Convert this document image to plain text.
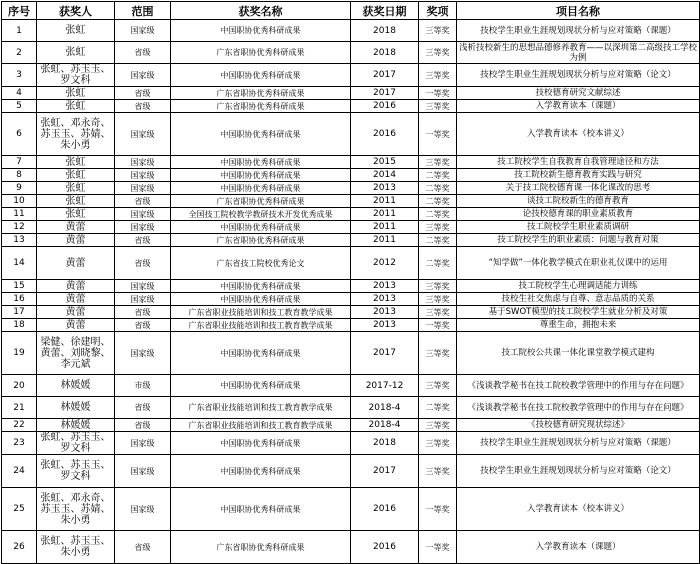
序号	获奖人	范围	获奖名称	获奖日期	奖项	项目名称
1	张虹	国家级	中国职协优秀科研成果	2018	三等奖	技校学生职业生涯规划现状分析与应对策略（课题）
2	张虹	省级	广东省职协优秀科研成果	2018	三等奖	浅析技校新生的思想品德修养教育——以深圳第二高级技工学校为例
3	张虹、苏玉玉、罗文科	国家级	中国职协优秀科研成果	2017	三等奖	技校学生职业生涯规划现状分析与应对策略（论文）
4	张虹	省级	广东省职协优秀科研成果	2017	一等奖	技校德育研究文献综述
5	张虹	省级	广东省职协优秀科研成果	2016	三等奖	入学教育读本（课题）
6	张虹、邓永奇、苏玉玉、苏婧、朱小勇	国家级	中国职协优秀科研成果	2016	一等奖	入学教育读本（校本讲义）
7	张虹	国家级	中国职协优秀科研成果	2015	三等奖	技工院校学生自我教育自我管理途径和方法
8	张虹	国家级	中国职协优秀科研成果	2014	二等奖	技工院校新生德育教育实践与研究
9	张虹	国家级	中国职协优秀科研成果	2013	二等奖	关于技工院校德育课一体化课改的思考
10	张虹	省级	广东省职协优秀科研成果	2011	二等奖	谈技工院校新生的德育教育
11	张虹	国家级	全国技工院校教学教研技术开发优秀成果	2011	二等奖	论技校德育课的职业素质教育
12	黄蕾	国家级	中国职协优秀科研成果	2011	三等奖	技工院校学生职业素质调研
13	黄蕾	省级	广东省职协优秀科研成果	2011	二等奖	技工院校学生的职业素质：问题与教育对策
14	黄蕾	省级	广东省技工院校优秀论文	2012	二等奖	“知学做”一体化教学模式在职业礼仪课中的运用
15	黄蕾	国家级	中国职协优秀科研成果	2013	三等奖	技工院校学生心理调适能力训练
16	黄蕾	国家级	中国职协优秀科研成果	2013	三等奖	技校生社交焦虑与自尊、意志品质的关系
17	黄蕾	省级	广东省职业技能培训和技工教育教学成果	2013	三等奖	基于SWOT模型的技工院校学生就业分析及对策
18	黄蕾	省级	广东省职业技能培训和技工教育教学成果	2013	一等奖	尊重生命，拥抱未来
19	梁健、徐建明、黄蕾、刘晓黎、李元斌	国家级	中国职协优秀科研成果	2017	三等奖	技工院校公共课一体化课堂教学模式建构
20	林媛媛	市级	中国职协优秀科研成果	2017-12	三等奖	《浅谈教学秘书在技工院校教学管理中的作用与存在问题》
21	林媛媛	省级	广东省职业技能培训和技工教育教学成果	2018-4	二等奖	《浅谈教学秘书在技工院校教学管理中的作用与存在问题》
22	林媛媛	省级	广东省职业技能培训和技工教育教学成果	2018-4	三等奖	《技校德育研究现状综述》
23	张虹、苏玉玉、罗文科	国家级	中国职协优秀科研成果	2018	三等奖	技校学生职业生涯规划现状分析与应对策略（课题）
24	张虹、苏玉玉、罗文科	国家级	中国职协优秀科研成果	2017	三等奖	技校学生职业生涯规划现状分析与应对策略（论文）
25	张虹、邓永奇、苏玉玉、苏婧、朱小勇	国家级	中国职协优秀科研成果	2016	一等奖	入学教育读本（校本讲义）
26	张虹、苏玉玉、朱小勇	省级	广东省职协优秀科研成果	2016	一等奖	入学教育读本（课题）
